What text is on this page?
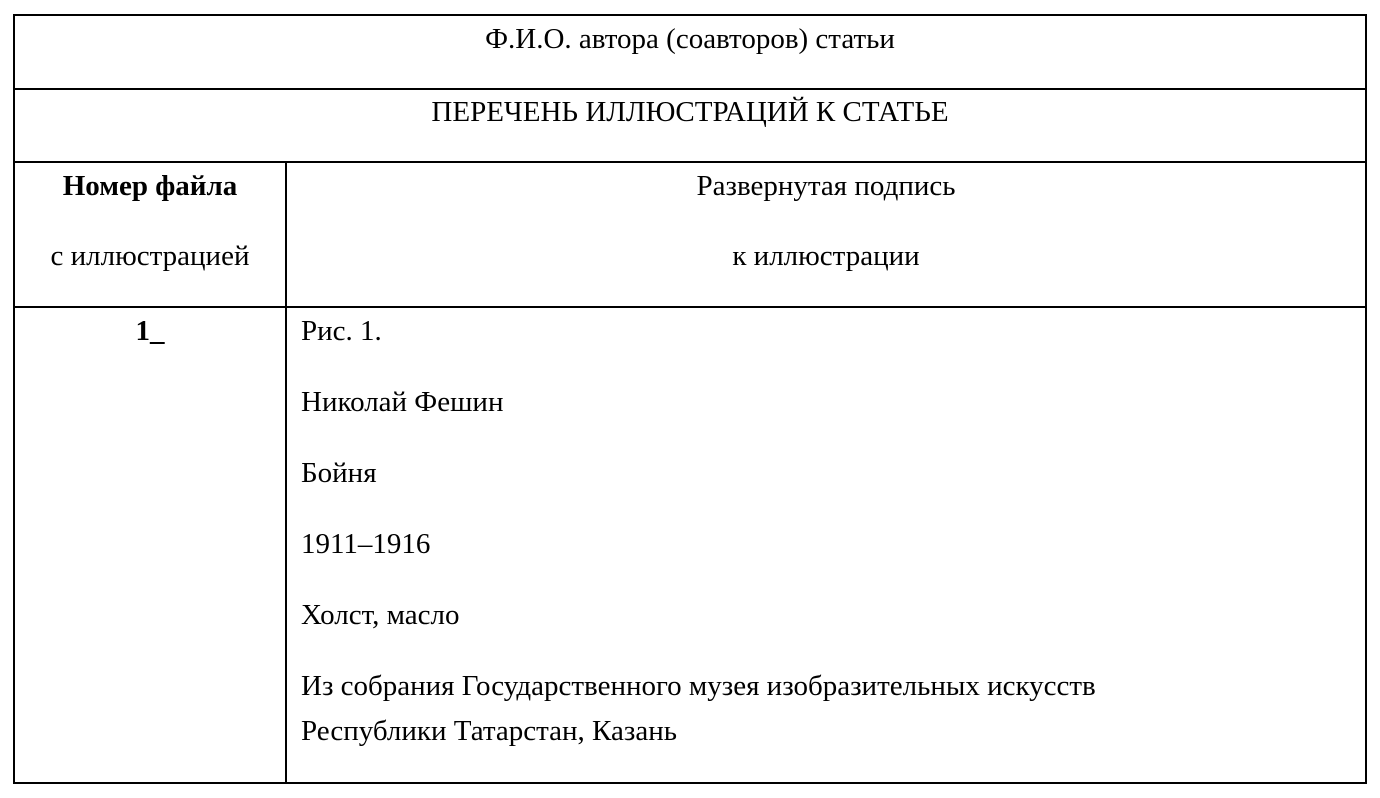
Ф.И.О. автора (соавторов) статьи
ПЕРЕЧЕНЬ ИЛЛЮСТРАЦИЙ К СТАТЬЕ
Номер файла
с иллюстрацией
Развернутая подпись
к иллюстрации
1_	Рис. 1.
Николай Фешин
Бойня
1911–1916
Холст, масло
Из собрания Государственного музея изобразительных искусств
Республики Татарстан, Казань
